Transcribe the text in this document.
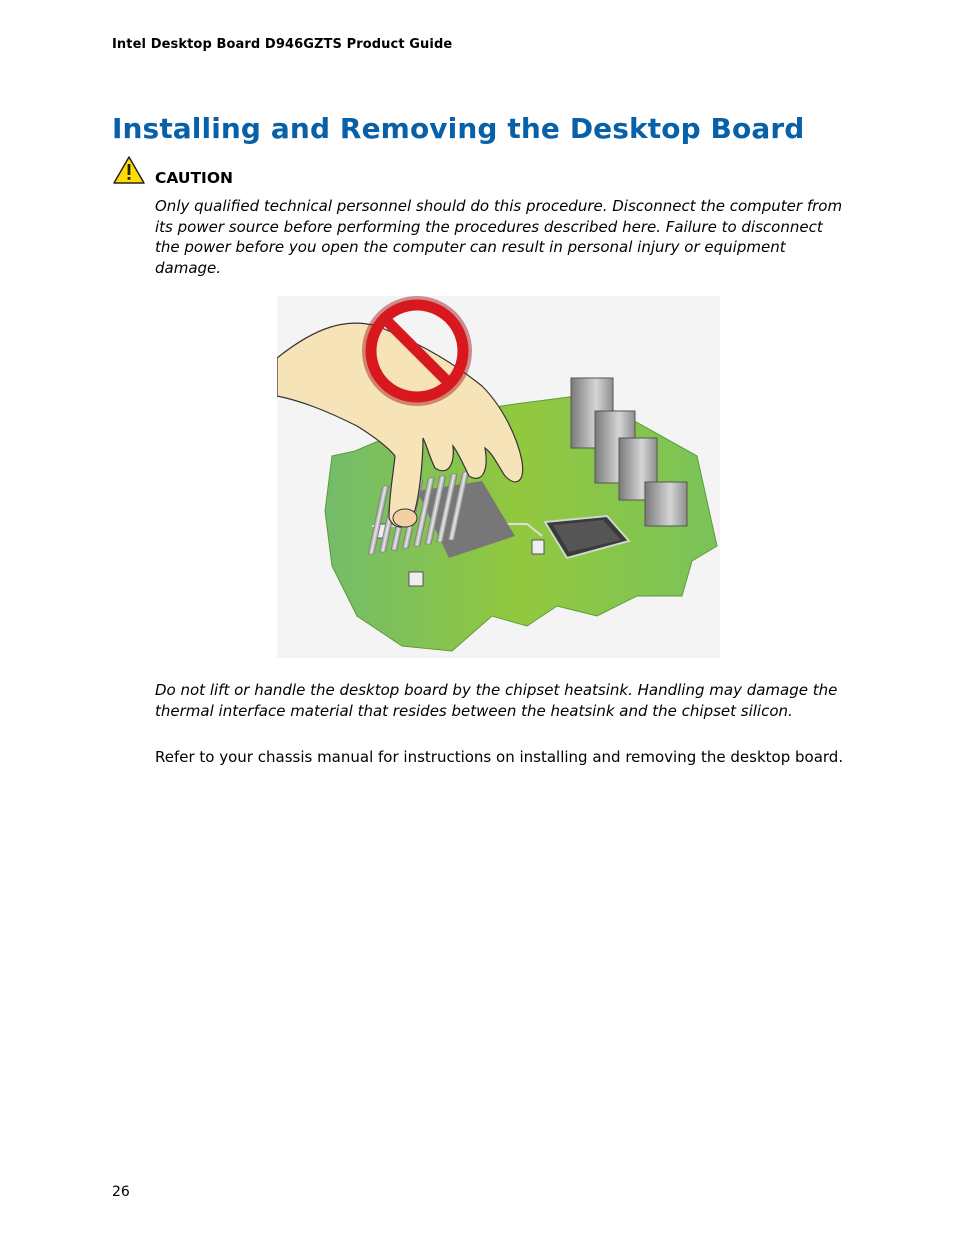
Intel Desktop Board D946GZTS Product Guide
Installing and Removing the Desktop Board
CAUTION

Only qualified technical personnel should do this procedure. Disconnect the computer from its power source before performing the procedures described here. Failure to disconnect the power before you open the computer can result in personal injury or equipment damage.

Do not lift or handle the desktop board by the chipset heatsink. Handling may damage the thermal interface material that resides between the heatsink and the chipset silicon.

Refer to your chassis manual for instructions on installing and removing the desktop board.

26
